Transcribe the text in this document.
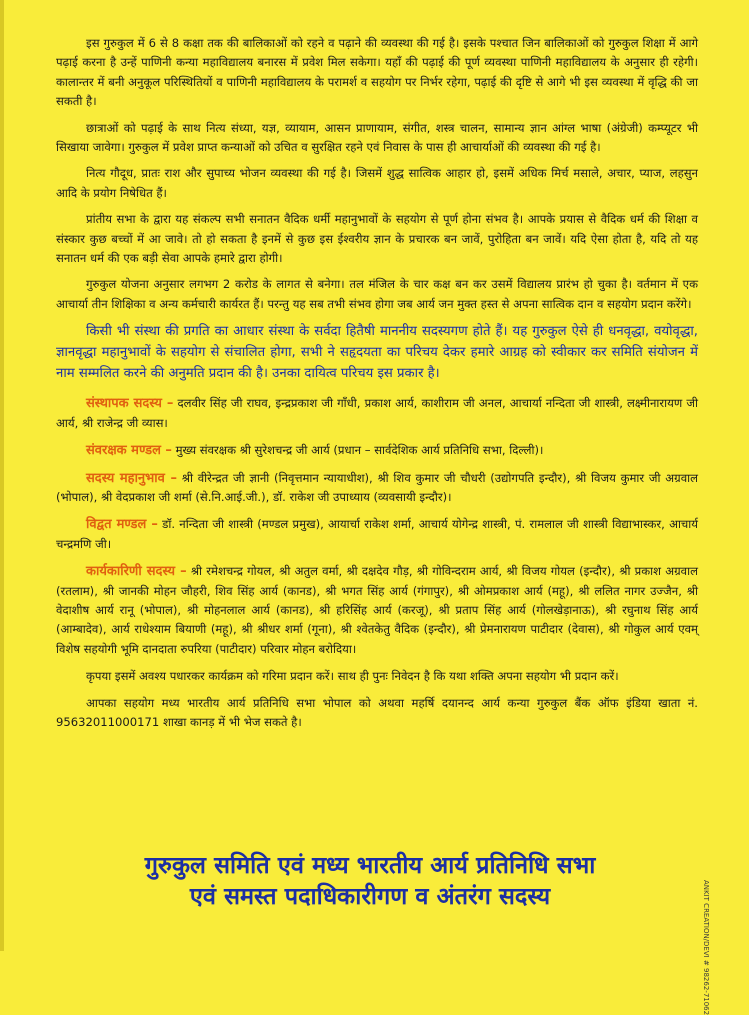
इस गुरुकुल में 6 से 8 कक्षा तक की बालिकाओं को रहने व पढ़ाने की व्यवस्था की गई है। इसके पश्चात जिन बालिकाओं को गुरुकुल शिक्षा में आगे पढ़ाई करना है उन्हें पाणिनी कन्या महाविद्यालय बनारस में प्रवेश मिल सकेगा। यहाँ की पढ़ाई की पूर्ण व्यवस्था पाणिनी महाविद्यालय के अनुसार ही रहेगी। कालान्तर में बनी अनुकूल परिस्थितियों व पाणिनी महाविद्यालय के परामर्श व सहयोग पर निर्भर रहेगा, पढ़ाई की दृष्टि से आगे भी इस व्यवस्था में वृद्धि की जा सकती है।

छात्राओं को पढ़ाई के साथ नित्य संध्या, यज्ञ, व्यायाम, आसन प्राणायाम, संगीत, शस्त्र चालन, सामान्य ज्ञान आंग्ल भाषा (अंग्रेजी) कम्प्यूटर भी सिखाया जावेगा। गुरुकुल में प्रवेश प्राप्त कन्याओं को उचित व सुरक्षित रहने एवं निवास के पास ही आचार्याओं की व्यवस्था की गई है।

नित्य गौदूध, प्रातः राश और सुपाच्य भोजन व्यवस्था की गई है। जिसमें शुद्ध सात्विक आहार हो, इसमें अधिक मिर्च मसाले, अचार, प्याज, लहसुन आदि के प्रयोग निषेधित हैं।

प्रांतीय सभा के द्वारा यह संकल्प सभी सनातन वैदिक धर्मी महानुभावों के सहयोग से पूर्ण होना संभव है। आपके प्रयास से वैदिक धर्म की शिक्षा व संस्कार कुछ बच्चों में आ जावे। तो हो सकता है इनमें से कुछ इस ईश्वरीय ज्ञान के प्रचारक बन जावें, पुरोहिता बन जावें। यदि ऐसा होता है, यदि तो यह सनातन धर्म की एक बड़ी सेवा आपके हमारे द्वारा होगी।

गुरुकुल योजना अनुसार लगभग 2 करोड के लागत से बनेगा। तल मंजिल के चार कक्ष बन कर उसमें विद्यालय प्रारंभ हो चुका है। वर्तमान में एक आचार्या तीन शिक्षिका व अन्य कर्मचारी कार्यरत हैं। परन्तु यह सब तभी संभव होगा जब आर्य जन मुक्त हस्त से अपना सात्विक दान व सहयोग प्रदान करेंगे।

किसी भी संस्था की प्रगति का आधार संस्था के सर्वदा हितैषी माननीय सदस्यगण होते हैं। यह गुरुकुल ऐसे ही धनवृद्धा, वयोवृद्धा, ज्ञानवृद्धा महानुभावों के सहयोग से संचालित होगा, सभी ने सहृदयता का परिचय देकर हमारे आग्रह को स्वीकार कर समिति संयोजन में नाम सम्मलित करने की अनुमति प्रदान की है। उनका दायित्व परिचय इस प्रकार है।

संस्थापक सदस्य – दलवीर सिंह जी राघव, इन्द्रप्रकाश जी गाँधी, प्रकाश आर्य, काशीराम जी अनल, आचार्या नन्दिता जी शास्त्री, लक्ष्मीनारायण जी आर्य, श्री राजेन्द्र जी व्यास।

संवरक्षक मण्डल – मुख्य संवरक्षक श्री सुरेशचन्द्र जी आर्य (प्रधान – सार्वदेशिक आर्य प्रतिनिधि सभा, दिल्ली)।

सदस्य महानुभाव – श्री वीरेन्द्रत जी ज्ञानी (निवृत्तमान न्यायाधीश), श्री शिव कुमार जी चौधरी (उद्योगपति इन्दौर), श्री विजय कुमार जी अग्रवाल (भोपाल), श्री वेदप्रकाश जी शर्मा (से.नि.आई.जी.), डॉ. राकेश जी उपाध्याय (व्यवसायी इन्दौर)।

विद्वत मण्डल – डॉ. नन्दिता जी शास्त्री (मण्डल प्रमुख), आयार्चा राकेश शर्मा, आचार्य योगेन्द्र शास्त्री, पं. रामलाल जी शास्त्री विद्याभास्कर, आचार्य चन्द्रमणि जी।

कार्यकारिणी सदस्य – श्री रमेशचन्द्र गोयल, श्री अतुल वर्मा, श्री दक्षदेव गौड़, श्री गोविन्दराम आर्य, श्री विजय गोयल (इन्दौर), श्री प्रकाश अग्रवाल (रतलाम), श्री जानकी मोहन जौहरी, शिव सिंह आर्य (कानड), श्री भगत सिंह आर्य (गंगापुर), श्री ओमप्रकाश आर्य (महू), श्री ललित नागर उज्जैन, श्री वेदाशीष आर्य रानू (भोपाल), श्री मोहनलाल आर्य (कानड), श्री हरिसिंह आर्य (करजू), श्री प्रताप सिंह आर्य (गोलखेड़ानाऊ), श्री रघुनाथ सिंह आर्य (आम्बादेव), आर्य राधेश्याम बियाणी (महू), श्री श्रीधर शर्मा (गूना), श्री श्वेतकेतु वैदिक (इन्दौर), श्री प्रेमनारायण पाटीदार (देवास), श्री गोकुल आर्य एवम् विशेष सहयोगी भूमि दानदाता रुपरिया (पाटीदार) परिवार मोहन बरोदिया।

कृपया इसमें अवश्य पधारकर कार्यक्रम को गरिमा प्रदान करें। साथ ही पुनः निवेदन है कि यथा शक्ति अपना सहयोग भी प्रदान करें।

आपका सहयोग मध्य भारतीय आर्य प्रतिनिधि सभा भोपाल को अथवा महर्षि दयानन्द आर्य कन्या गुरुकुल बैंक ऑफ इंडिया खाता नं. 95632011000171 शाखा कानड़ में भी भेज सकते है।

गुरुकुल समिति एवं मध्य भारतीय आर्य प्रतिनिधि सभा
एवं समस्त पदाधिकारीगण व अंतरंग सदस्य	ANKIT CREATION/DEVI # 98262-71062
